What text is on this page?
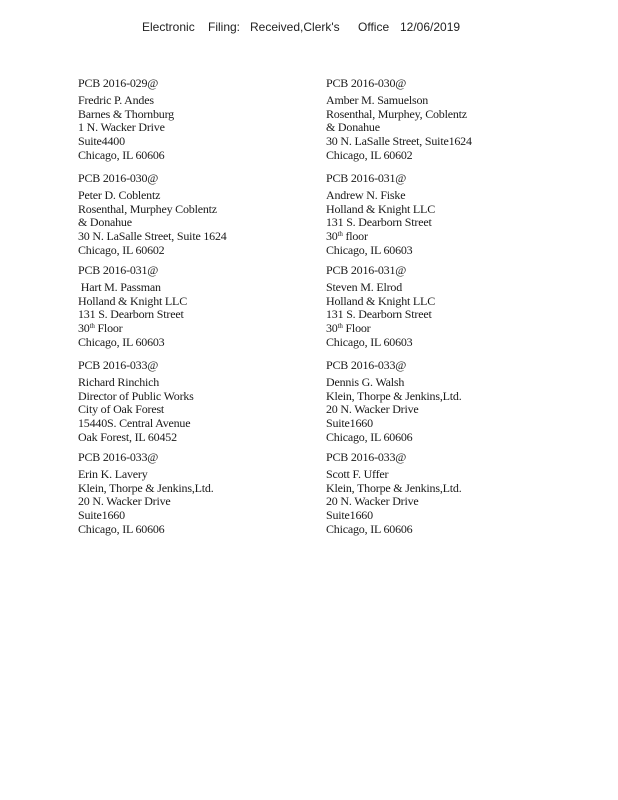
Electronic Filing: Received,Clerk's Office 12/06/2019
PCB 2016-029@
Fredric P. Andes
Barnes & Thornburg
1 N. Wacker Drive
Suite4400
Chicago, IL 60606
PCB 2016-030@
Amber M. Samuelson
Rosenthal, Murphey, Coblentz
& Donahue
30 N. LaSalle Street, Suite1624
Chicago, IL 60602
PCB 2016-030@
Peter D. Coblentz
Rosenthal, Murphey Coblentz
& Donahue
30 N. LaSalle Street, Suite 1624
Chicago, IL 60602
PCB 2016-031@
Andrew N. Fiske
Holland & Knight LLC
131 S. Dearborn Street
30th floor
Chicago, IL 60603
PCB 2016-031@
Hart M. Passman
Holland & Knight LLC
131 S. Dearborn Street
30th Floor
Chicago, IL 60603
PCB 2016-031@
Steven M. Elrod
Holland & Knight LLC
131 S. Dearborn Street
30th Floor
Chicago, IL 60603
PCB 2016-033@
Richard Rinchich
Director of Public Works
City of Oak Forest
15440S. Central Avenue
Oak Forest, IL 60452
PCB 2016-033@
Dennis G. Walsh
Klein, Thorpe & Jenkins,Ltd.
20 N. Wacker Drive
Suite1660
Chicago, IL 60606
PCB 2016-033@
Erin K. Lavery
Klein, Thorpe & Jenkins,Ltd.
20 N. Wacker Drive
Suite1660
Chicago, IL 60606
PCB 2016-033@
Scott F. Uffer
Klein, Thorpe & Jenkins,Ltd.
20 N. Wacker Drive
Suite1660
Chicago, IL 60606
